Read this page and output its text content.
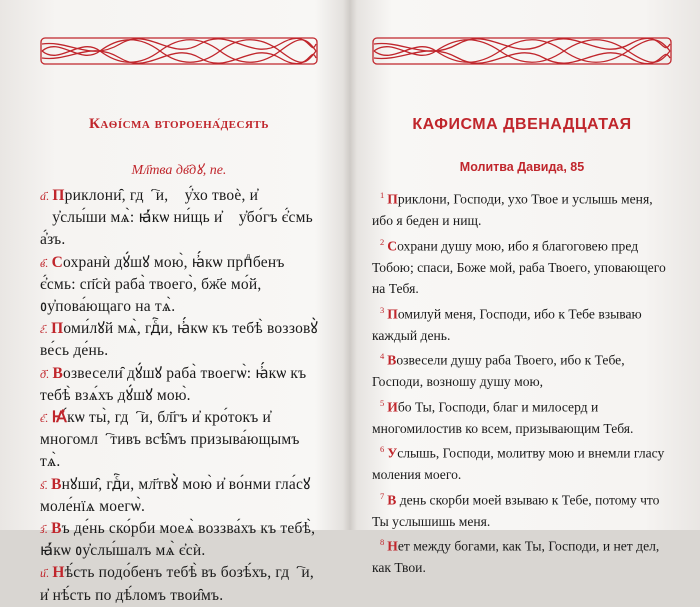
Каѳі́сма второена́десять
Мл҃тва дв҃дꙋ, пе.

а҃. Приклони̑, гдⷭ҇и, ᲂу҆́хо твоѐ, и҆ ᲂу҆слы́ши мѧ̀: ꙗ҆́кѡ ни́щь и҆ ᲂу҆бо́гъ є҆́смь а҆́зъ.

в҃. Сохранѝ дꙋ́шꙋ мою̀, ꙗ҆́кѡ прпⷣбенъ є҆́смь: сп҃сѝ раба̀ твоего̀, бж҃е мо́й, ᲂу҆пова́ющаго на тѧ̀.

г҃. Поми́лꙋй мѧ̀, гдⷭ҇и, ꙗ҆́кѡ къ тебѣ̀ воззовꙋ̀ ве́сь де́нь.

д҃. Возвесели̑ дꙋ́шꙋ раба̀ твоегѡ̀: ꙗ҆́кѡ къ тебѣ̀ взѧ́хъ дꙋ́шꙋ мою̀.

є҃. Ꙗ҆́кѡ ты̀, гдⷭ҇и, бл҃гъ и҆ кро́токъ и҆ многомлⷭ҇тивъ всѣ̑мъ призыва́ющымъ тѧ̀.

ѕ҃. Внꙋши̑, гдⷭ҇и, мл҃твꙋ̀ мою̀ и҆ во́нми гла́сꙋ моле́нїѧ моегѡ̀.

з҃. Въ де́нь ско́рби моеѧ̀ воззва́хъ къ тебѣ̀, ꙗ҆́кѡ ᲂу҆слы́шалъ мѧ̀ є҆сѝ.

и҃. Нѣ́сть подо́бенъ тебѣ̀ въ бозѣ́хъ, гдⷭ҇и, и҆ нѣ́сть по дѣ́ломъ твои̑мъ.

КАФИСМА ДВЕНАДЦАТАЯ
Молитва Давида, 85

$^1$ Приклони, Господи, ухо Твое и услышь меня, ибо я беден и нищ.

$^2$ Сохрани душу мою, ибо я благоговею пред Тобою; спаси, Боже мой, раба Твоего, уповающего на Тебя.

$^3$ Помилуй меня, Господи, ибо к Тебе взываю каждый день.

$^4$ Возвесели душу раба Твоего, ибо к Тебе, Господи, возношу душу мою,

$^5$ Ибо Ты, Господи, благ и милосерд и многомилостив ко всем, призывающим Тебя.

$^6$ Услышь, Господи, молитву мою и внемли гласу моления моего.

$^7$ В день скорби моей взываю к Тебе, потому что Ты услышишь меня.

$^8$ Нет между богами, как Ты, Господи, и нет дел, как Твои.
